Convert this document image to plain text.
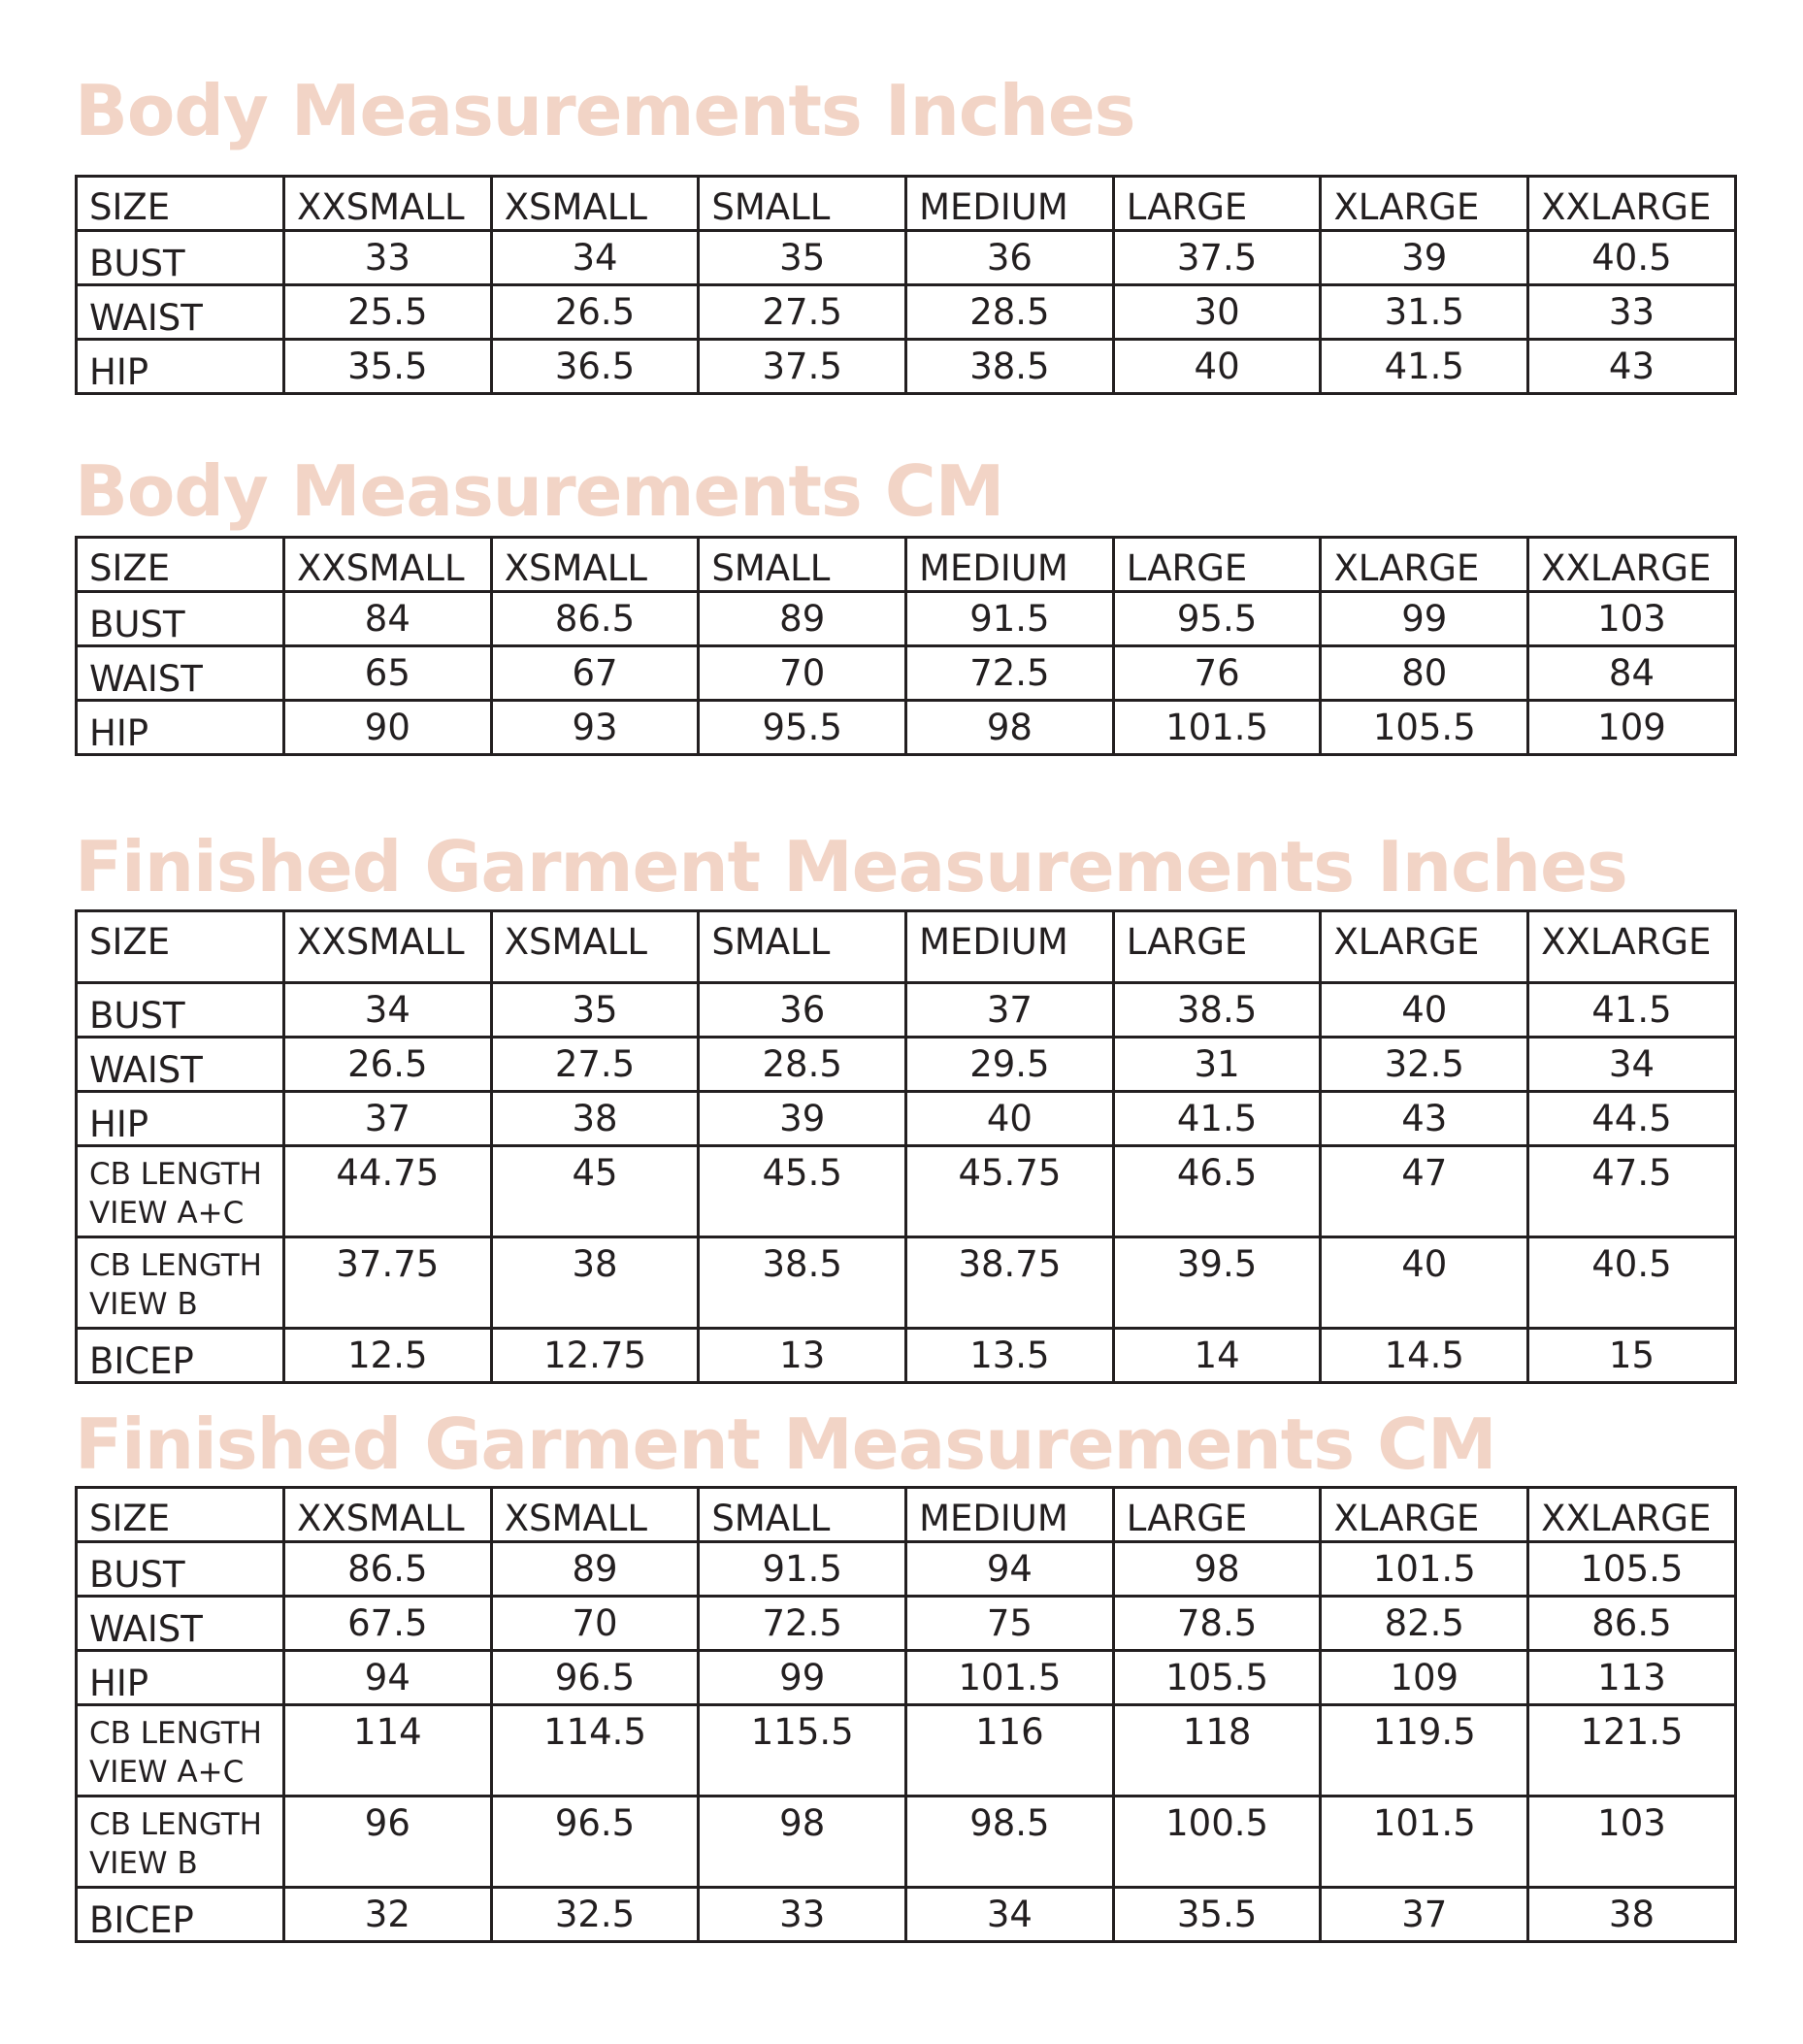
Body Measurements Inches
SIZE	XXSMALL	XSMALL	SMALL	MEDIUM	LARGE	XLARGE	XXLARGE
BUST	33	34	35	36	37.5	39	40.5
WAIST	25.5	26.5	27.5	28.5	30	31.5	33
HIP	35.5	36.5	37.5	38.5	40	41.5	43
Body Measurements CM
SIZE	XXSMALL	XSMALL	SMALL	MEDIUM	LARGE	XLARGE	XXLARGE
BUST	84	86.5	89	91.5	95.5	99	103
WAIST	65	67	70	72.5	76	80	84
HIP	90	93	95.5	98	101.5	105.5	109
Finished Garment Measurements Inches
SIZE	XXSMALL	XSMALL	SMALL	MEDIUM	LARGE	XLARGE	XXLARGE
BUST	34	35	36	37	38.5	40	41.5
WAIST	26.5	27.5	28.5	29.5	31	32.5	34
HIP	37	38	39	40	41.5	43	44.5
CB LENGTH
VIEW A+C	44.75	45	45.5	45.75	46.5	47	47.5
CB LENGTH
VIEW B	37.75	38	38.5	38.75	39.5	40	40.5
BICEP	12.5	12.75	13	13.5	14	14.5	15
Finished Garment Measurements CM
SIZE	XXSMALL	XSMALL	SMALL	MEDIUM	LARGE	XLARGE	XXLARGE
BUST	86.5	89	91.5	94	98	101.5	105.5
WAIST	67.5	70	72.5	75	78.5	82.5	86.5
HIP	94	96.5	99	101.5	105.5	109	113
CB LENGTH
VIEW A+C	114	114.5	115.5	116	118	119.5	121.5
CB LENGTH
VIEW B	96	96.5	98	98.5	100.5	101.5	103
BICEP	32	32.5	33	34	35.5	37	38
